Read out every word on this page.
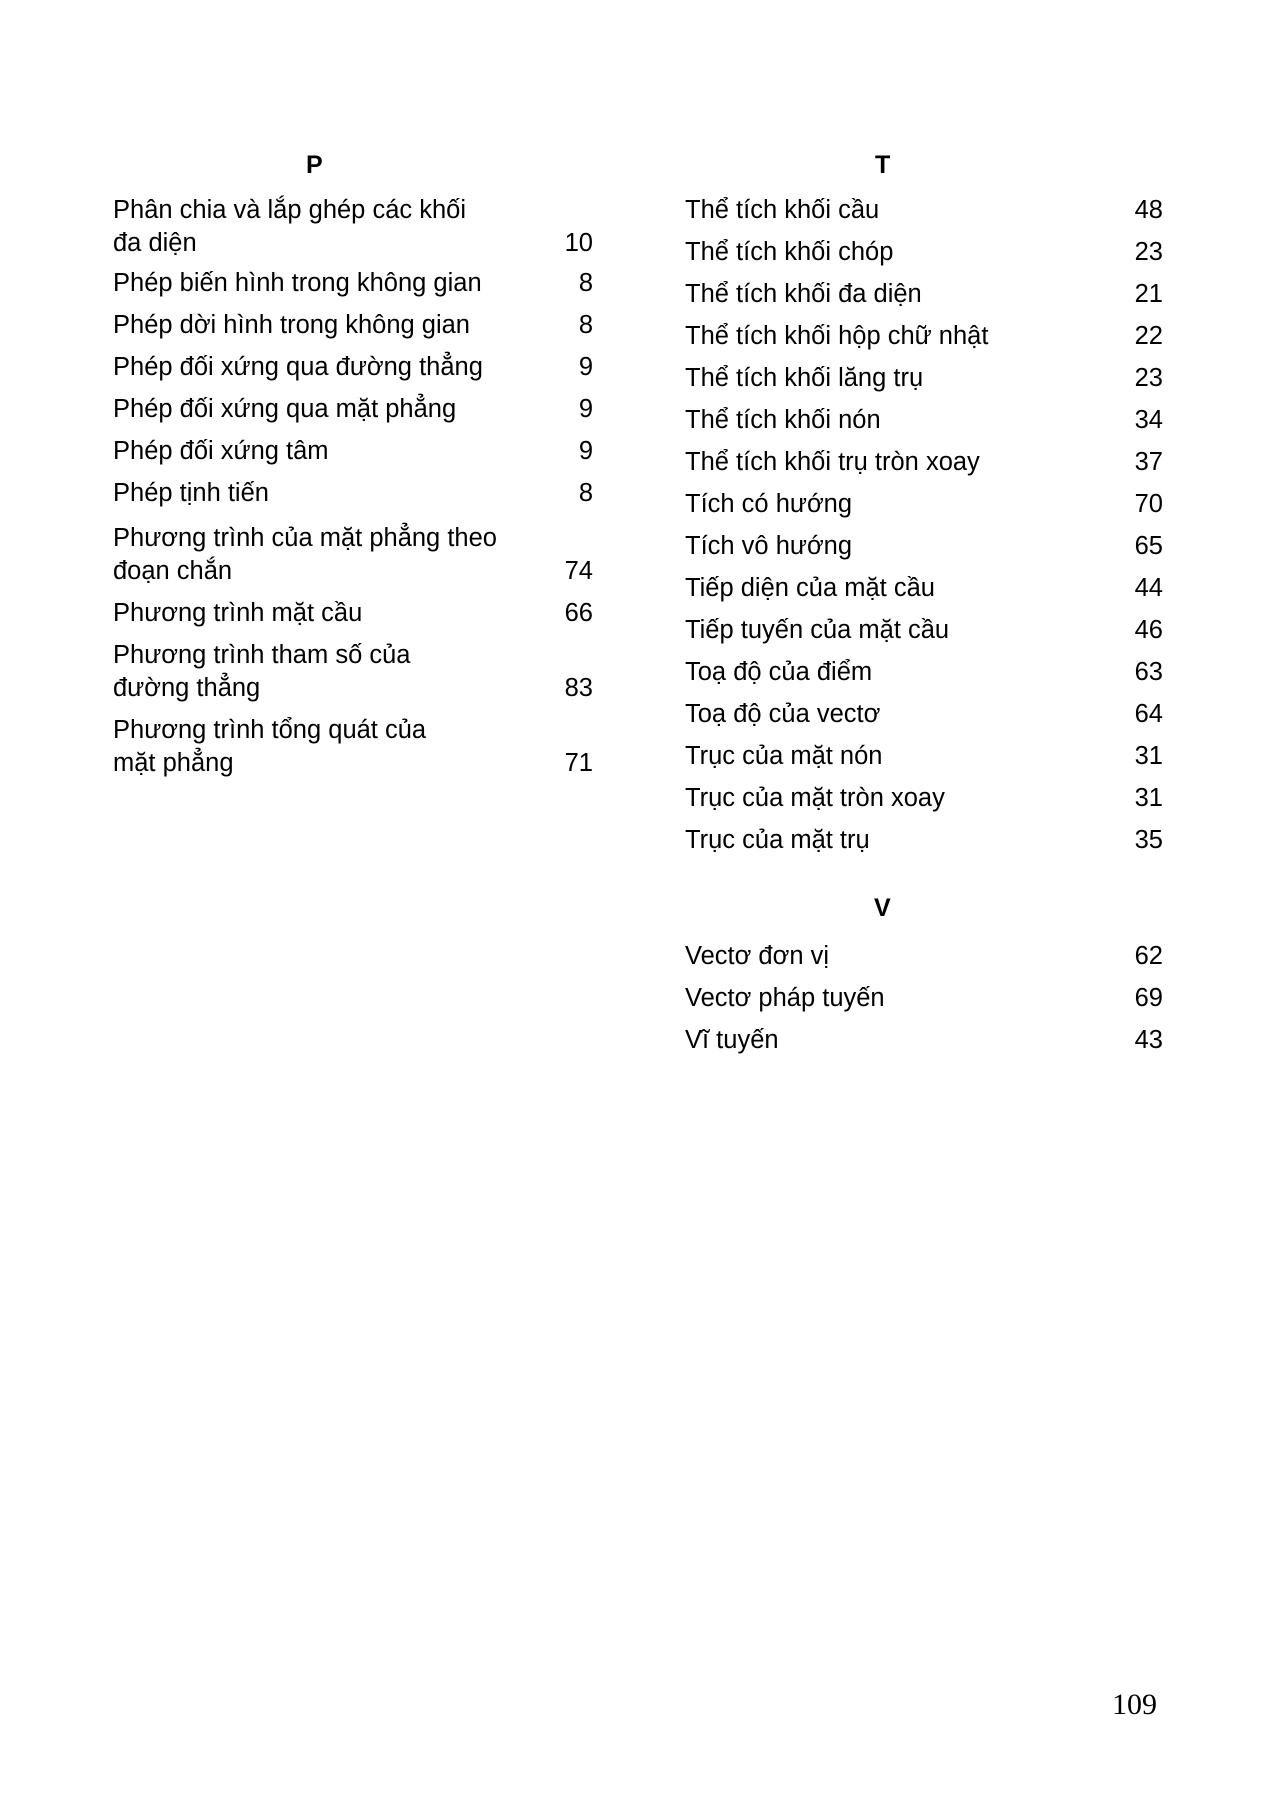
P
Phân chia và lắp ghép các khối
đa diện	10
Phép biến hình trong không gian	8
Phép dời hình trong không gian	8
Phép đối xứng qua đường thẳng	9
Phép đối xứng qua mặt phẳng	9
Phép đối xứng tâm	9
Phép tịnh tiến	8
Phương trình của mặt phẳng theo
đoạn chắn	74
Phương trình mặt cầu	66
Phương trình tham số của
đường thẳng	83
Phương trình tổng quát của
mặt phẳng	71
T
Thể tích khối cầu	48
Thể tích khối chóp	23
Thể tích khối đa diện	21
Thể tích khối hộp chữ nhật	22
Thể tích khối lăng trụ	23
Thể tích khối nón	34
Thể tích khối trụ tròn xoay	37
Tích có hướng	70
Tích vô hướng	65
Tiếp diện của mặt cầu	44
Tiếp tuyến của mặt cầu	46
Toạ độ của điểm	63
Toạ độ của vectơ	64
Trục của mặt nón	31
Trục của mặt tròn xoay	31
Trục của mặt trụ	35
V
Vectơ đơn vị	62
Vectơ pháp tuyến	69
Vĩ tuyến	43
109
